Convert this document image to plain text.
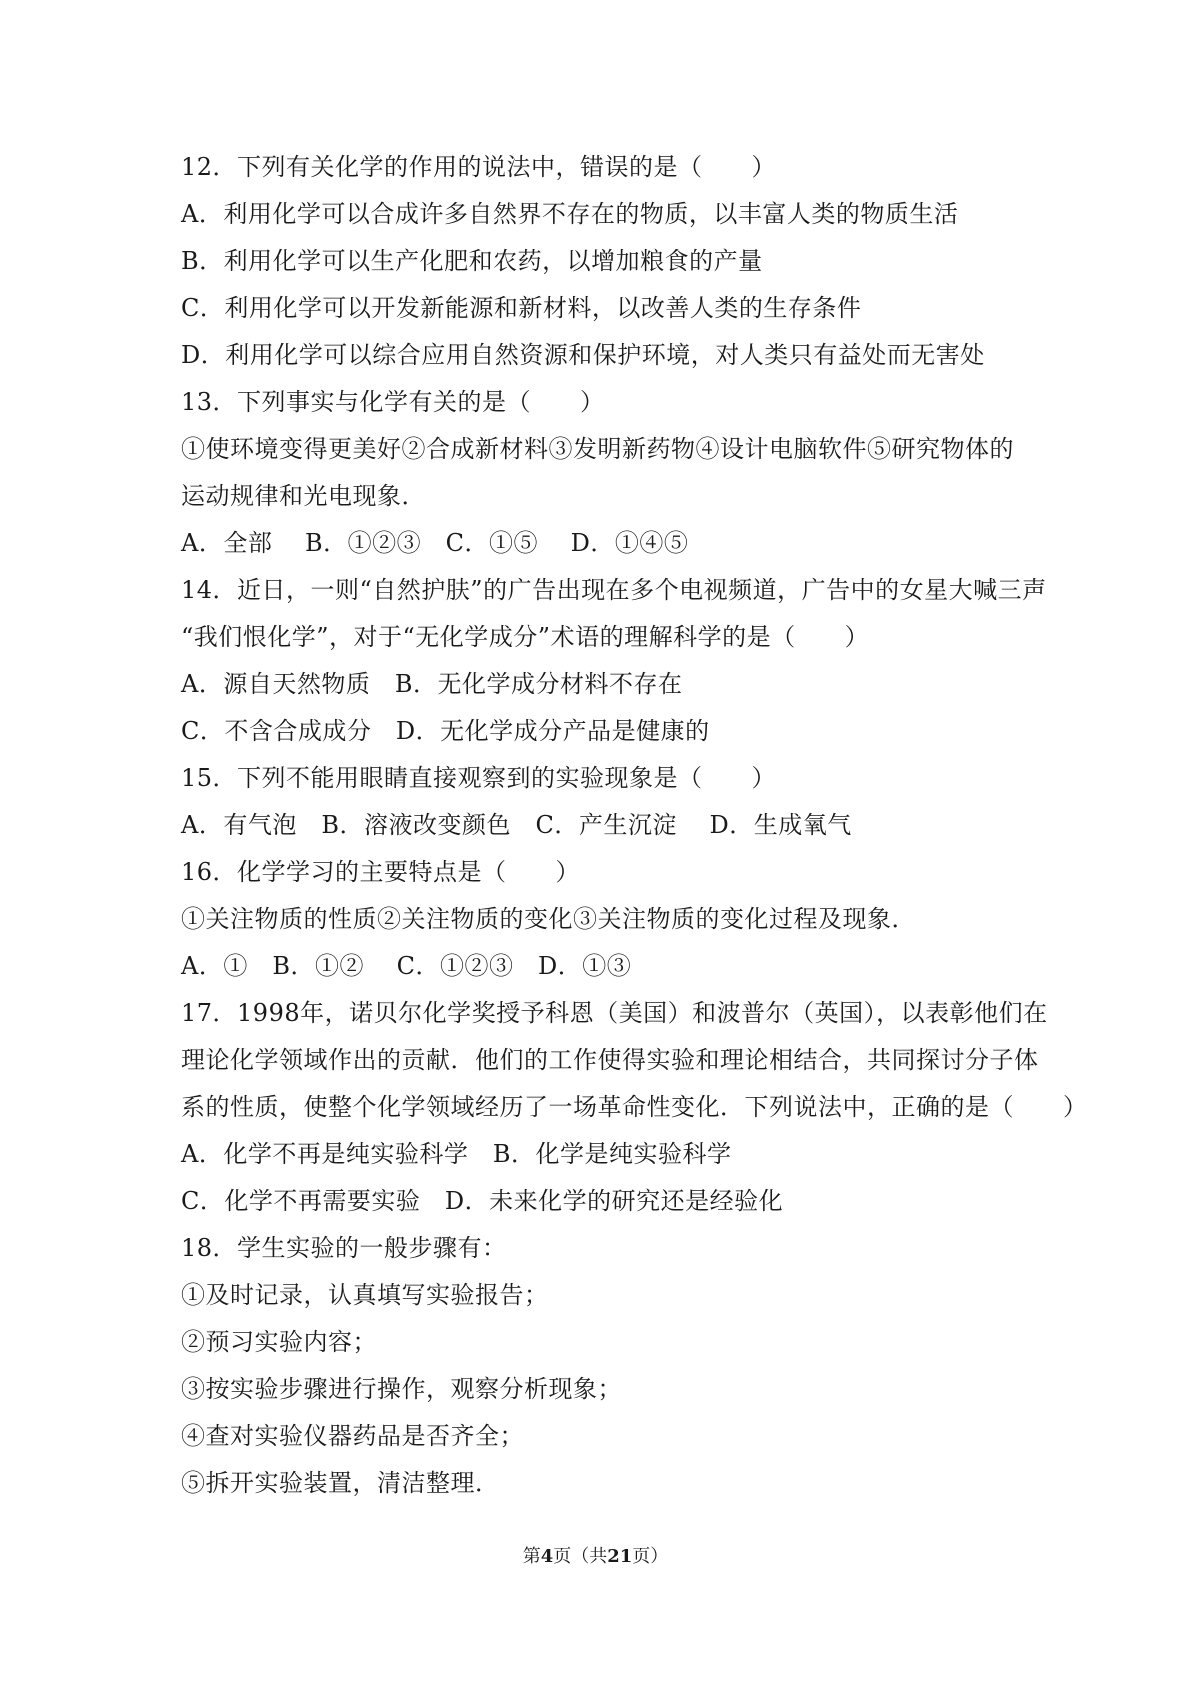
12．下列有关化学的作用的说法中，错误的是（　　）
A．利用化学可以合成许多自然界不存在的物质，以丰富人类的物质生活
B．利用化学可以生产化肥和农药，以增加粮食的产量
C．利用化学可以开发新能源和新材料，以改善人类的生存条件
D．利用化学可以综合应用自然资源和保护环境，对人类只有益处而无害处
13．下列事实与化学有关的是（　　）
①使环境变得更美好②合成新材料③发明新药物④设计电脑软件⑤研究物体的
运动规律和光电现象．
A．全部　 B．①②③　C．①⑤　 D．①④⑤
14．近日，一则“自然护肤”的广告出现在多个电视频道，广告中的女星大喊三声
“我们恨化学”，对于“无化学成分”术语的理解科学的是（　　）
A．源自天然物质　B．无化学成分材料不存在
C．不含合成成分　D．无化学成分产品是健康的
15．下列不能用眼睛直接观察到的实验现象是（　　）
A．有气泡　B．溶液改变颜色　C．产生沉淀　 D．生成氧气
16．化学学习的主要特点是（　　）
①关注物质的性质②关注物质的变化③关注物质的变化过程及现象．
A．①　B．①②　 C．①②③　D．①③
17．1998年，诺贝尔化学奖授予科恩（美国）和波普尔（英国），以表彰他们在
理论化学领域作出的贡献．他们的工作使得实验和理论相结合，共同探讨分子体
系的性质，使整个化学领域经历了一场革命性变化．下列说法中，正确的是（　　）
A．化学不再是纯实验科学　B．化学是纯实验科学
C．化学不再需要实验　D．未来化学的研究还是经验化
18．学生实验的一般步骤有：
①及时记录，认真填写实验报告；
②预习实验内容；
③按实验步骤进行操作，观察分析现象；
④查对实验仪器药品是否齐全；
⑤拆开实验装置，清洁整理．
第4页（共21页）
